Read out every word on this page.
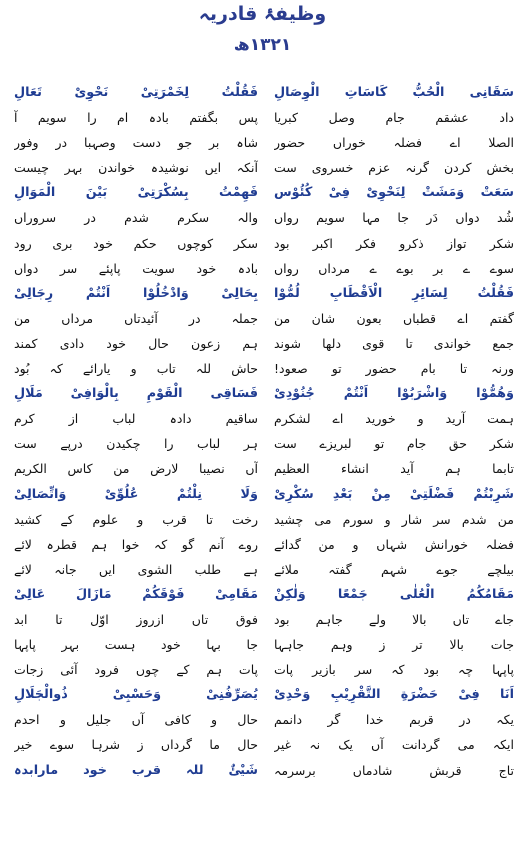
وظیفۂ قادریہ
۱۳۲۱ھ
سَقَانِی الْحُبُّ کَاسَاتِ الْوِصَالِ
داد عشقم جام وصل کبریا
الصلا اے فضلہ خوراں حضور
بخش کردن گرنہ عزم خسروی ست
سَعَتْ وَمَشَتْ لِنَحْوِیْ فِیْ کُئُوْس
شُد دواں دَر جا مہا سویم رواں
شکر تواز ذکرو فکر اکبر بود
سوے ے بر بوے ے مرداں رواں
فَقُلْتُ لِسَائِرِ الْاَقْطَابِ لُمُّوْا
گفتم اے قطباں بعون شان من
جمع خواندی تا قوی دلها شوند
ورنہ تا بام حضور تو صعود!
وَهُمُّوْا وَاشْرَبُوْا اَنْتُمْ جُنُوْدِیْ
ہمت آرید و خورید اے لشکرم
شکر حق جام تو لبریزے ست
تابما ہم آید انشاء العظیم
شَرِبْتُمْ فَضْلَتِیْ مِنْ بَعْدِ سُکْرِیْ
من شدم سر شار و سورم می چشید
فضلہ خورانش شہاں و من گدائے
بیلچے جوے شہم گفتہ ملائے
مَقَامُکُمُ الْعُلٰی جَمْعًا وَلٰکِنْ
جاے تاں بالا ولے جاہم بود
جات بالا تر ز وہم جاہہا
پاپہا چہ بود کہ سر بازیر پات
اَنَا فِیْ حَضْرَةِ التَّقْرِیْبِ وَحْدِیْ
یکہ در قربم خدا گر دانمم
ایکہ می گردانت آں یک نہ غیر
تاج قربش شادماں برسرمہ
فَقُلْتُ لِخَمْرَتِیْ نَحْوِیْ تَعَالِ
پس بگفتم بادہ ام را سویم آ
شاہ بر جو دست وصہبا در وفور
آنکہ ایں نوشیدہ خواندن بہر چیست
فَهِمْتُ بِسُکْرَتِیْ بَیْنَ الْمَوَالِ
والہ سکرم شدم در سروراں
سکر کوچوں حکم خود بری رود
بادہ خود سویت پاپئے سر دواں
بِحَالِیْ وَادْخُلُوْا اَنْتُمْ رِجَالِیْ
جملہ در آئیدتاں مرداں من
ہم زعون حال خود دادی کمند
حاش للہ تاب و یارائے کہ بُود
فَسَاقِی الْقَوْمِ بِالْوَافِیْ مَلَالِ
ساقیم دادہ لباب از کرم
ہر لباب را چکیدن درپے ست
آں نصیبا لارض من کاس الکریم
وَلَا نِلْتُمْ عُلُوِّیْ وَاتِّصَالِیْ
رخت تا قرب و علوم کے کشید
روے آنم گو کہ خوا ہم قطرہ لائے
ہے طلب الشوی ایں جانہ لائے
مَقَامِیْ فَوْقَکُمْ مَازَالَ عَالِیْ
فوق تاں ازروز اوّل تا ابد
جا بہا خود ہست بہر پاپہا
پات ہم کے چوں فرود آئی زجات
یُصَرِّفُنِیْ وَحَسْبِیْ ذُوالْجَلَالِ
حال و کافی آں جلیل و احدم
حال ما گرداں ز شرہا سوے خیر
شَیْئٌ للہ قرب خود مارابدہ
